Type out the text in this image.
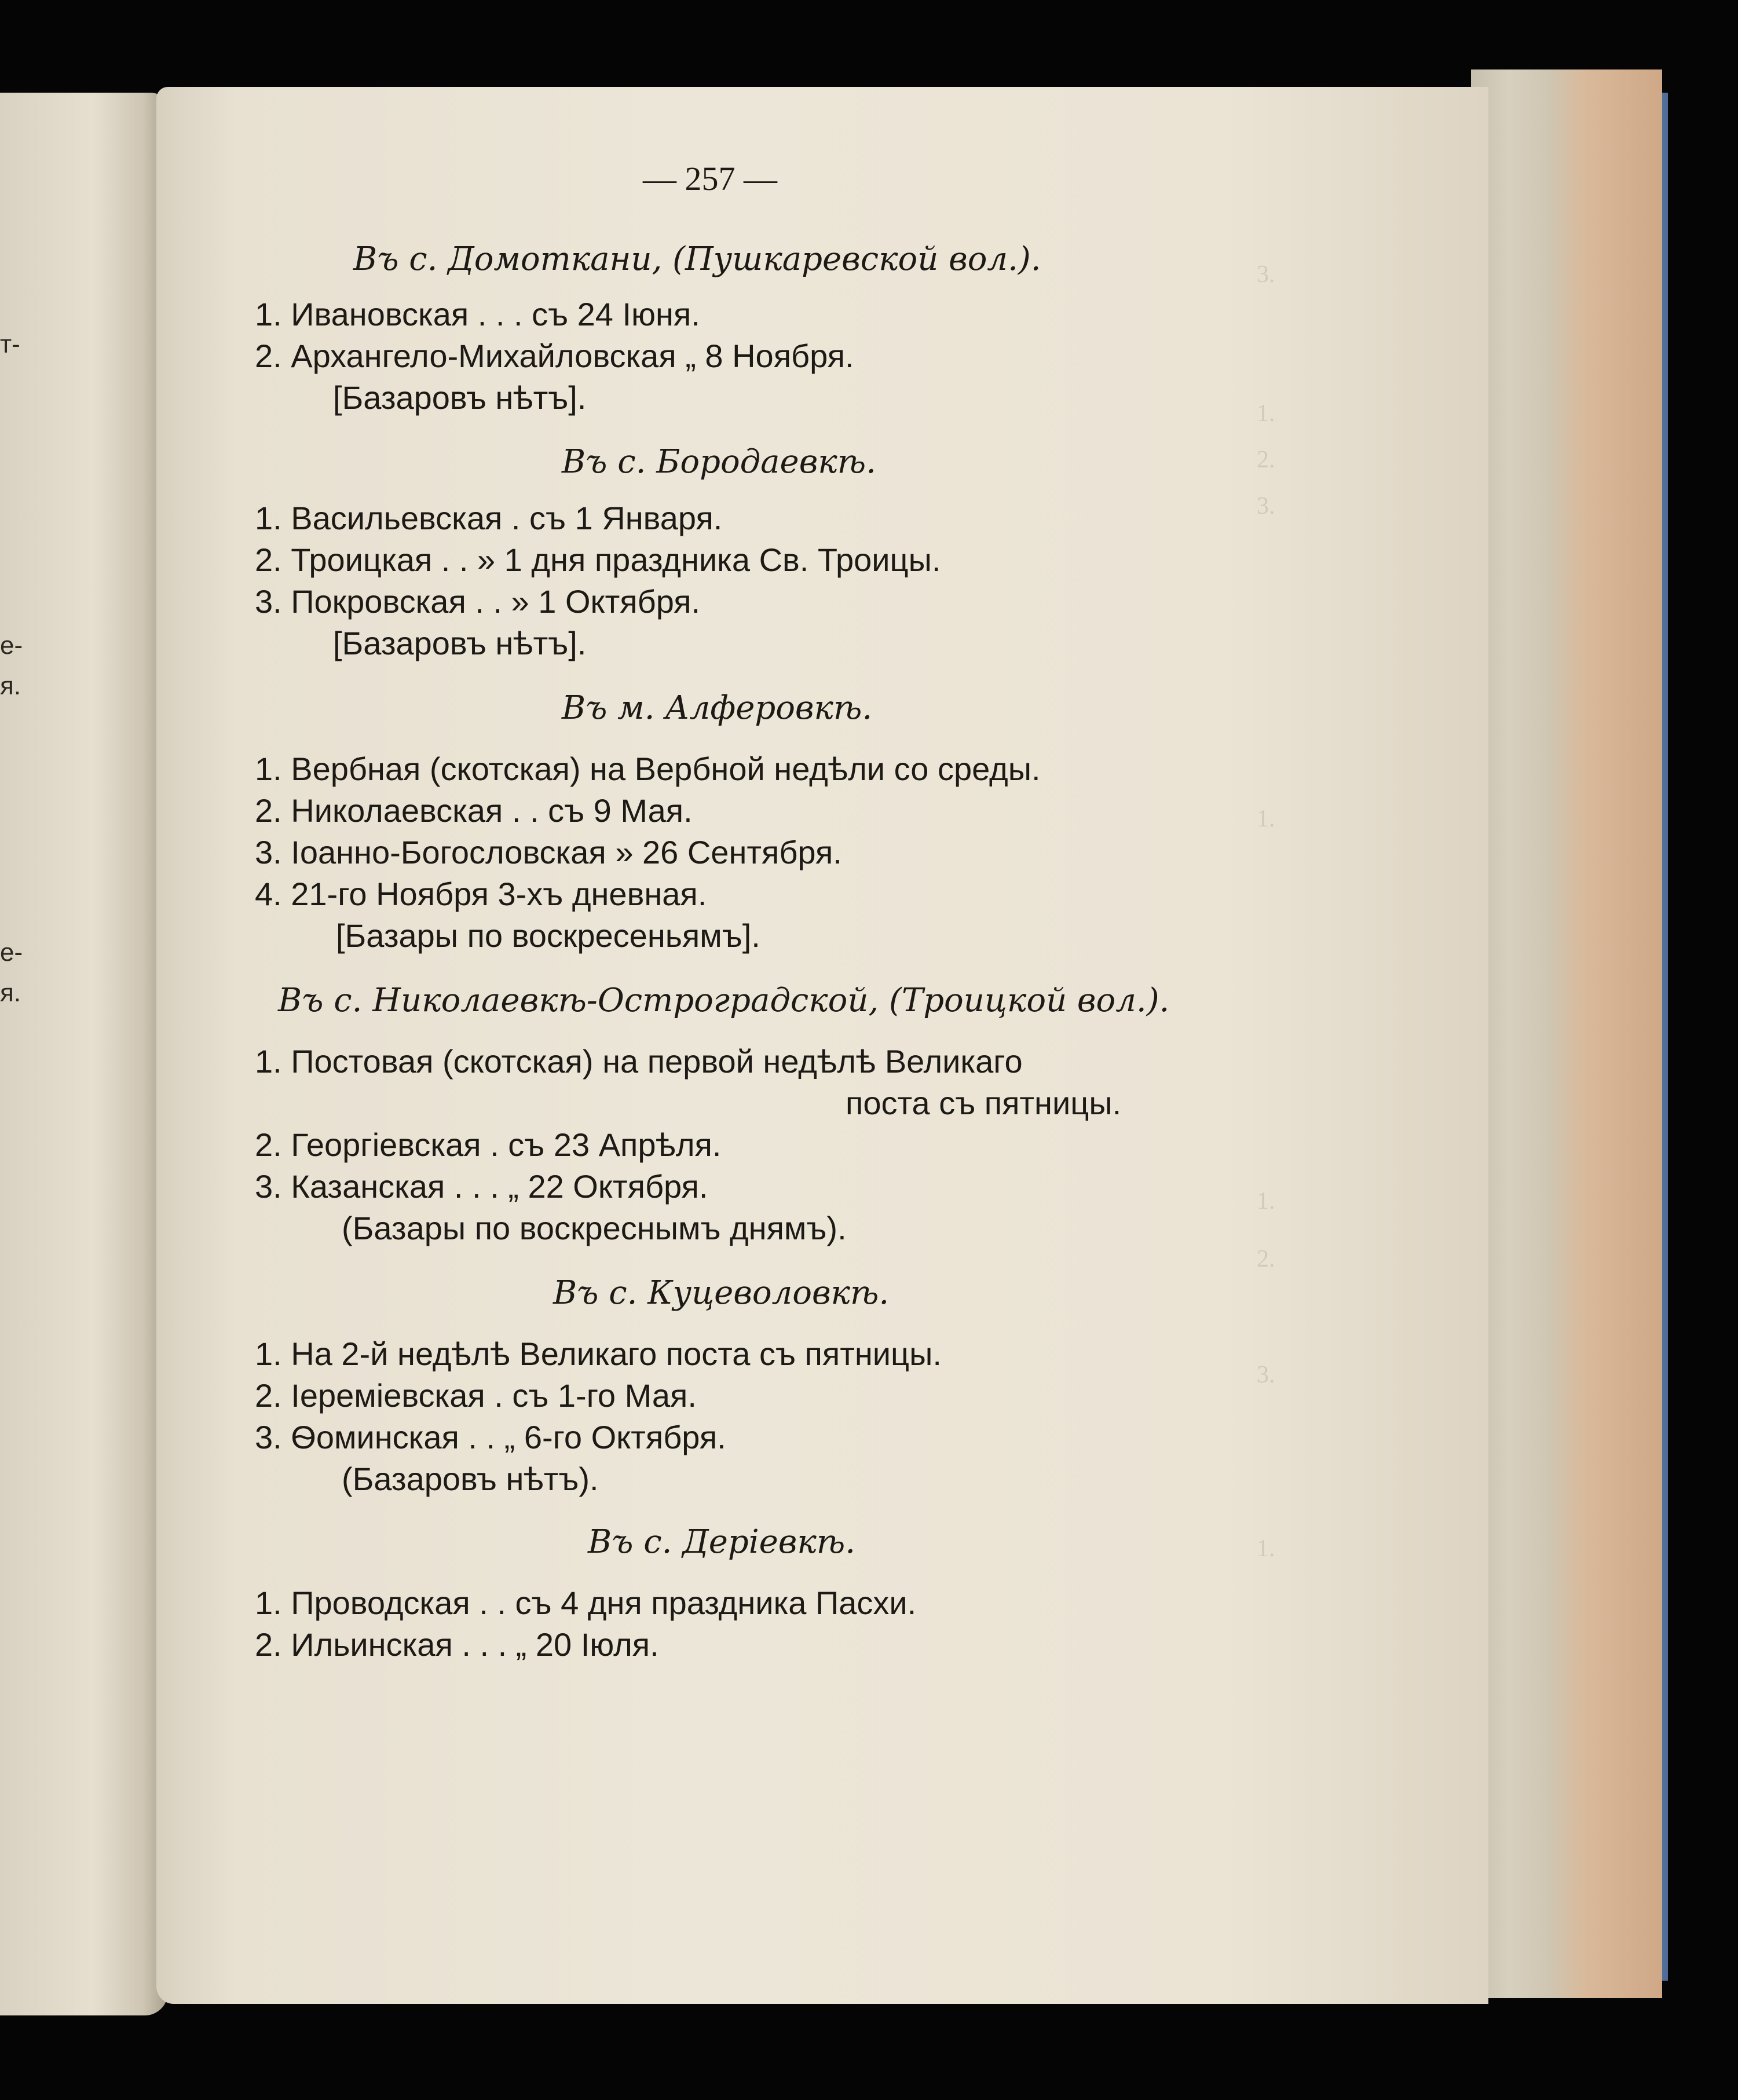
т-
е-
я.
е-
я.
3.
1.
2.
3.
1.
1.
2.
3.
1.
— 257 —
Въ с. Домоткани, (Пушкаревской вол.).
1. Ивановская . . . съ 24 Іюня.
2. Архангело-Михайловская „ 8 Ноября.
[Базаровъ нѣтъ].
Въ с. Бородаевкѣ.
1. Васильевская . съ 1 Января.
2. Троицкая . . » 1 дня праздника Св. Троицы.
3. Покровская . . » 1 Октября.
[Базаровъ нѣтъ].
Въ м. Алферовкѣ.
1. Вербная (скотская) на Вербной недѣли со среды.
2. Николаевская . . съ 9 Мая.
3. Іоанно-Богословская » 26 Сентября.
4. 21-го Ноября 3-хъ дневная.
[Базары по воскресеньямъ].
Въ с. Николаевкѣ-Остроградской, (Троицкой вол.).
1. Постовая (скотская) на первой недѣлѣ Великаго
поста съ пятницы.
2. Георгіевская . съ 23 Апрѣля.
3. Казанская . . . „ 22 Октября.
(Базары по воскреснымъ днямъ).
Въ с. Куцеволовкѣ.
1. На 2-й недѣлѣ Великаго поста съ пятницы.
2. Іереміевская . съ 1-го Мая.
3. Ѳоминская . . „ 6-го Октября.
(Базаровъ нѣтъ).
Въ с. Деріевкѣ.
1. Проводская . . съ 4 дня праздника Пасхи.
2. Ильинская . . . „ 20 Іюля.
